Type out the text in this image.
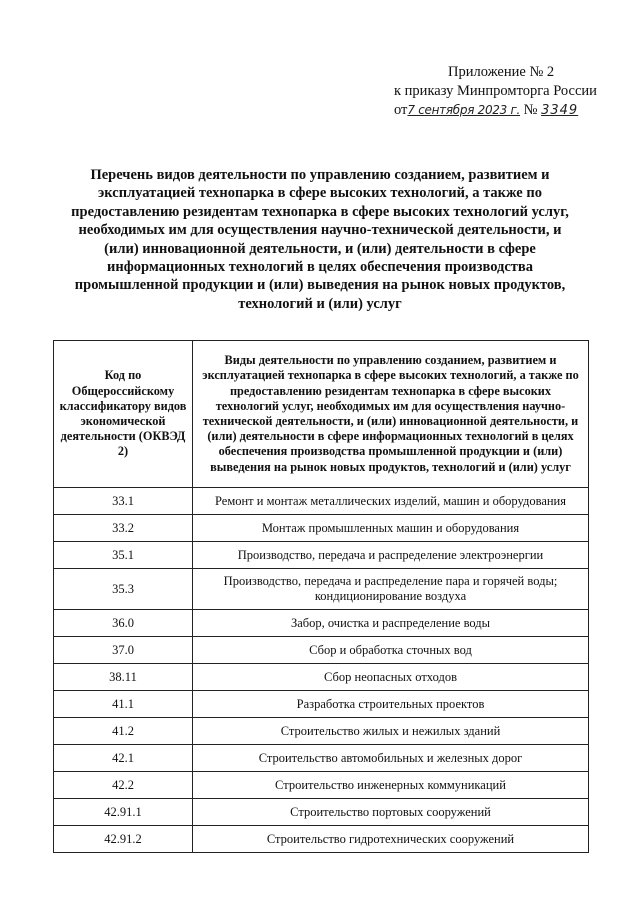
Приложение № 2
к приказу Минпромторга России
от7 сентября 2023 г. № 3349
Перечень видов деятельности по управлению созданием, развитием и эксплуатацией технопарка в сфере высоких технологий, а также по предоставлению резидентам технопарка в сфере высоких технологий услуг, необходимых им для осуществления научно-технической деятельности, и (или) инновационной деятельности, и (или) деятельности в сфере информационных технологий в целях обеспечения производства промышленной продукции и (или) выведения на рынок новых продуктов, технологий и (или) услуг
Код по Общероссийскому классификатору видов экономической деятельности (ОКВЭД 2)	Виды деятельности по управлению созданием, развитием и эксплуатацией технопарка в сфере высоких технологий, а также по предоставлению резидентам технопарка в сфере высоких технологий услуг, необходимых им для осуществления научно-технической деятельности, и (или) инновационной деятельности, и (или) деятельности в сфере информационных технологий в целях обеспечения производства промышленной продукции и (или) выведения на рынок новых продуктов, технологий и (или) услуг
33.1	Ремонт и монтаж металлических изделий, машин и оборудования
33.2	Монтаж промышленных машин и оборудования
35.1	Производство, передача и распределение электроэнергии
35.3	Производство, передача и распределение пара и горячей воды; кондиционирование воздуха
36.0	Забор, очистка и распределение воды
37.0	Сбор и обработка сточных вод
38.11	Сбор неопасных отходов
41.1	Разработка строительных проектов
41.2	Строительство жилых и нежилых зданий
42.1	Строительство автомобильных и железных дорог
42.2	Строительство инженерных коммуникаций
42.91.1	Строительство портовых сооружений
42.91.2	Строительство гидротехнических сооружений
